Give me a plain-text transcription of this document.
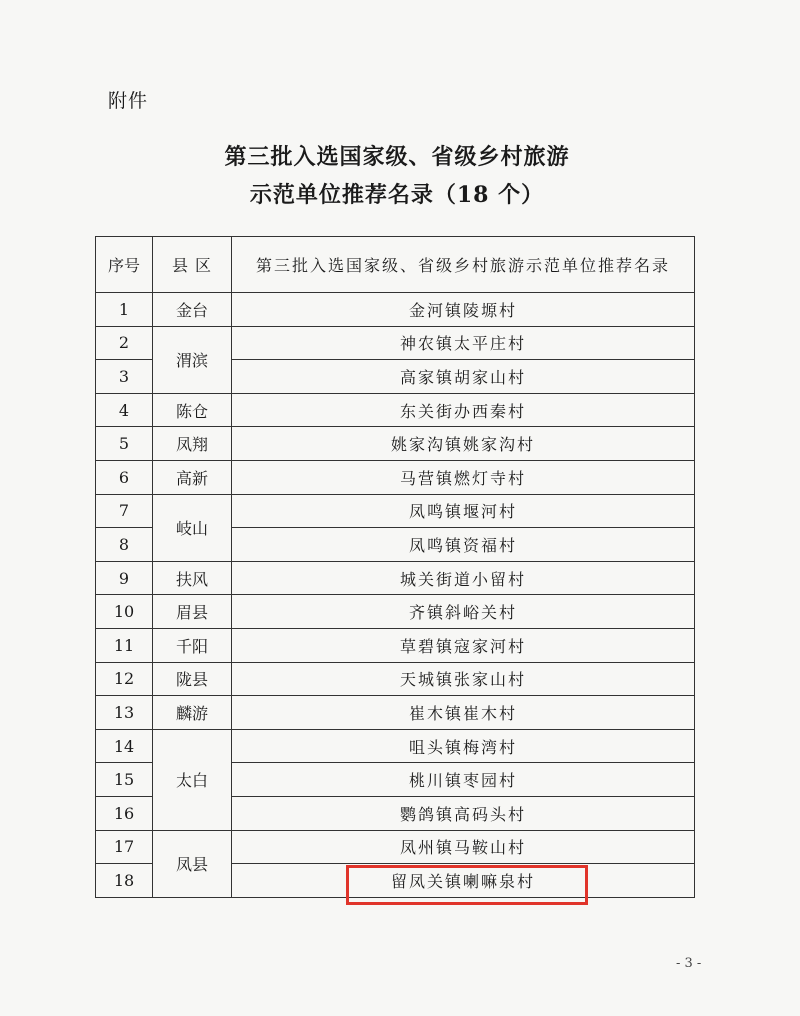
附件
第三批入选国家级、省级乡村旅游
示范单位推荐名录（18 个）
序号	县 区	第三批入选国家级、省级乡村旅游示范单位推荐名录
1	金台	金河镇陵塬村
2	渭滨	神农镇太平庄村
3		高家镇胡家山村
4	陈仓	东关街办西秦村
5	凤翔	姚家沟镇姚家沟村
6	高新	马营镇燃灯寺村
7	岐山	凤鸣镇堰河村
8		凤鸣镇资福村
9	扶风	城关街道小留村
10	眉县	齐镇斜峪关村
11	千阳	草碧镇寇家河村
12	陇县	天城镇张家山村
13	麟游	崔木镇崔木村
14	太白	咀头镇梅湾村
15		桃川镇枣园村
16		鹦鸽镇高码头村
17	凤县	凤州镇马鞍山村
18		留凤关镇喇嘛泉村
- 3 -
